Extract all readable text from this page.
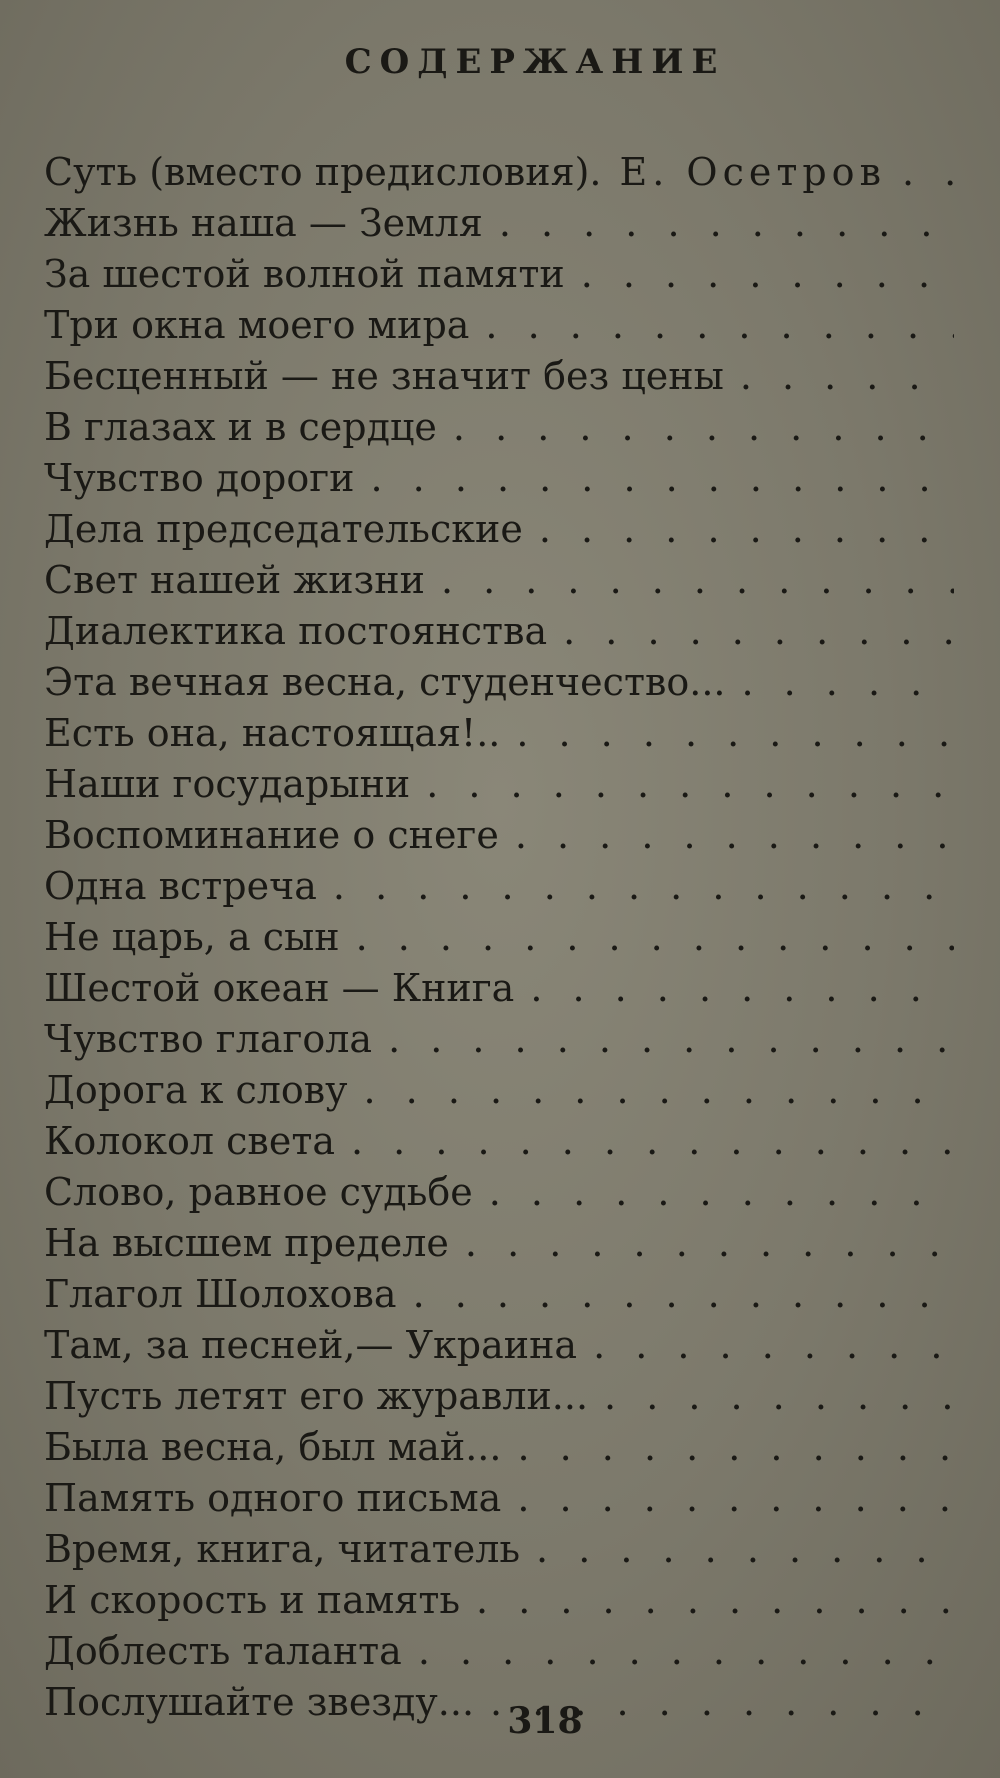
СОДЕРЖАНИЕ
Суть (вместо предисловия). Е. Осетров
. . .
Жизнь наша — Земля
. . .
За шестой волной памяти
. . .
Три окна моего мира
. . .
Бесценный — не значит без цены
. . .
В глазах и в сердце
. . .
Чувство дороги
. . .
Дела председательские
. . .
Свет нашей жизни
. . .
Диалектика постоянства
. . .
Эта вечная весна, студенчество...
. . .
Есть она, настоящая!..
. . .
Наши государыни
. . .
Воспоминание о снеге
. . .
Одна встреча
. . .
Не царь, а сын
. . .
Шестой океан — Книга
. . .
Чувство глагола
. . .
Дорога к слову
. . .
Колокол света
. . .
Слово, равное судьбе
. . .
На высшем пределе
. . .
Глагол Шолохова
. . .
Там, за песней,— Украина
. . .
Пусть летят его журавли...
. . .
Была весна, был май...
. . .
Память одного письма
. . .
Время, книга, читатель
. . .
И скорость и память
. . .
Доблесть таланта
. . .
Послушайте звезду...
. . . 318
